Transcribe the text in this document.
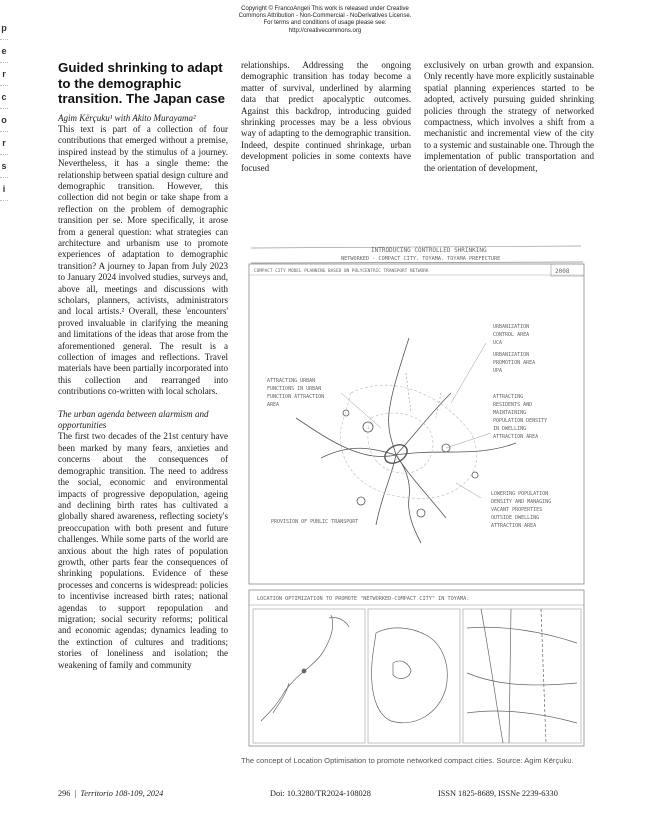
Copyright © FrancoAngeli This work is released under Creative
Commons Attribution - Non-Commercial - NoDerivatives License.
For terms and conditions of usage please see:
http://creativecommons.org
p
e
r
c
o
r
s
i
Guided shrinking to adapt to the demographic transition. The Japan case

Agim Kërçuku¹ with Akito Murayama²

This text is part of a collection of four contributions that emerged without a premise, inspired instead by the stimulus of a journey. Nevertheless, it has a single theme: the relationship between spatial design culture and demographic transition. However, this collection did not begin or take shape from a reflection on the problem of demographic transition per se. More specifically, it arose from a general question: what strategies can architecture and urbanism use to promote experiences of adaptation to demographic transition? A journey to Japan from July 2023 to January 2024 involved studies, surveys and, above all, meetings and discussions with scholars, planners, activists, administrators and local artists.² Overall, these 'encounters' proved invaluable in clarifying the meaning and limitations of the ideas that arose from the aforementioned general. The result is a collection of images and reflections. Travel materials have been partially incorporated into this collection and rearranged into contributions co-written with local scholars.

The urban agenda between alarmism and opportunities

The first two decades of the 21st century have been marked by many fears, anxieties and concerns about the consequences of demographic transition. The need to address the social, economic and environmental impacts of progressive depopulation, ageing and declining birth rates has cultivated a globally shared awareness, reflecting society's preoccupation with both present and future challenges. While some parts of the world are anxious about the high rates of population growth, other parts fear the consequences of shrinking populations. Evidence of these processes and concerns is widespread: policies to incentivise increased birth rates; national agendas to support repopulation and migration; social security reforms; political and economic agendas; dynamics leading to the extinction of cultures and traditions; stories of loneliness and isolation; the weakening of family and community

relationships. Addressing the ongoing demographic transition has today become a matter of survival, underlined by alarming data that predict apocalyptic outcomes. Against this backdrop, introducing guided shrinking processes may be a less obvious way of adapting to the demographic transition. Indeed, despite continued shrinkage, urban development policies in some contexts have focused

exclusively on urban growth and expansion. Only recently have more explicitly sustainable spatial planning experiences started to be adopted, actively pursuing guided shrinking policies through the strategy of networked compactness, which involves a shift from a mechanistic and incremental view of the city to a systemic and sustainable one. Through the implementation of public transportation and the orientation of development,

INTRODUCING CONTROLLED SHRINKING
NETWORKED - COMPACT CITY. TOYAMA. TOYAMA PREFECTURE
COMPACT CITY MODEL PLANNING BASED ON POLYCENTRIC TRANSPORT NETWORK	2008
URBANIZATION
CONTROL AREA
UCA
URBANIZATION
PROMOTION AREA
UPA
ATTRACTING URBAN
FUNCTIONS IN URBAN
FUNCTION ATTRACTION
AREA
ATTRACTING
RESIDENTS AND
MAINTAINING
POPULATION DENSITY
IN DWELLING
ATTRACTION AREA
LOWERING POPULATION
DENSITY AND MANAGING
VACANT PROPERTIES
OUTSIDE DWELLING
ATTRACTION AREA
PROVISION OF PUBLIC TRANSPORT
LOCATION OPTIMIZATION TO PROMOTE "NETWORKED-COMPACT CITY" IN TOYAMA.
The concept of Location Optimisation to promote networked compact cities. Source: Agim Kërçuku.
296  |  Territorio 108-109, 2024	Doi: 10.3280/TR2024-108028	ISSN 1825-8689, ISSNe 2239-6330
